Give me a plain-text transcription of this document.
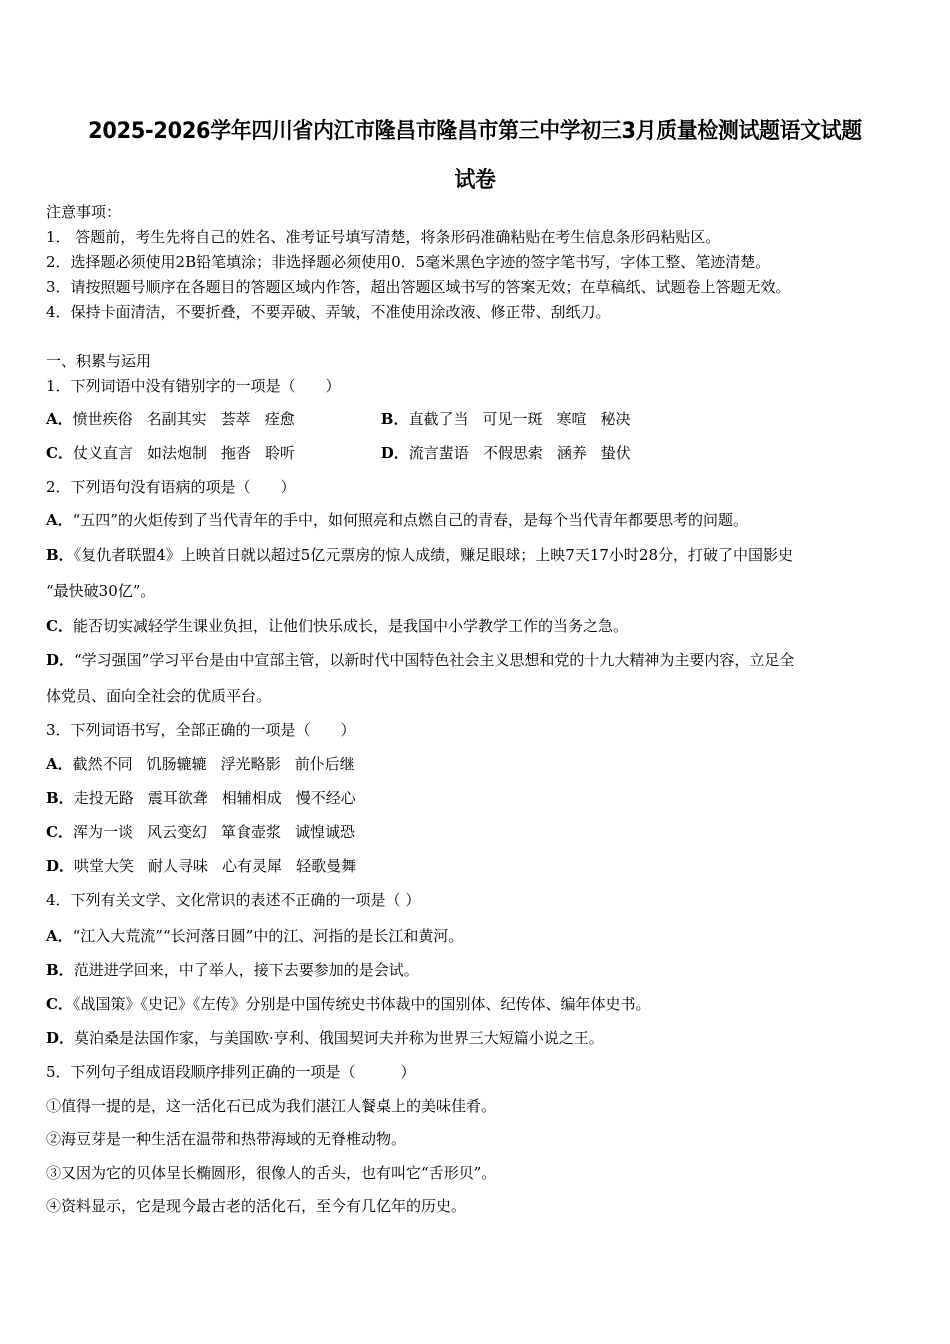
2025-2026学年四川省内江市隆昌市隆昌市第三中学初三3月质量检测试题语文试题
试卷
注意事项：
1． 答题前，考生先将自己的姓名、准考证号填写清楚，将条形码准确粘贴在考生信息条形码粘贴区。
2．选择题必须使用2B铅笔填涂；非选择题必须使用0．5毫米黑色字迹的签字笔书写，字体工整、笔迹清楚。
3．请按照题号顺序在各题目的答题区域内作答，超出答题区域书写的答案无效；在草稿纸、试题卷上答题无效。
4．保持卡面清洁，不要折叠，不要弄破、弄皱，不准使用涂改液、修正带、刮纸刀。
一、积累与运用
1．下列词语中没有错别字的一项是（　　）
A．愤世疾俗 名副其实 荟萃 痊愈	B．直截了当 可见一斑 寒喧 秘决
C．仗义直言 如法炮制 拖沓 聆听	D．流言蜚语 不假思索 涵养 蛰伏
2．下列语句没有语病的项是（　　）
A．“五四”的火炬传到了当代青年的手中，如何照亮和点燃自己的青春，是每个当代青年都要思考的问题。
B．《复仇者联盟4》上映首日就以超过5亿元票房的惊人成绩，赚足眼球；上映7天17小时28分，打破了中国影史
“最快破30亿”。
C．能否切实减轻学生课业负担，让他们快乐成长，是我国中小学教学工作的当务之急。
D．“学习强国”学习平台是由中宣部主管，以新时代中国特色社会主义思想和党的十九大精神为主要内容，立足全
体党员、面向全社会的优质平台。
3．下列词语书写，全部正确的一项是（　　）
A．截然不同 饥肠辘辘 浮光略影 前仆后继
B．走投无路 震耳欲聋 相辅相成 慢不经心
C．浑为一谈 风云变幻 箪食壶浆 诚惶诚恐
D．哄堂大笑 耐人寻味 心有灵犀 轻歌曼舞
4．下列有关文学、文化常识的表述不正确的一项是（ ）
A．“江入大荒流”“长河落日圆”中的江、河指的是长江和黄河。
B．范进进学回来，中了举人，接下去要参加的是会试。
C．《战国策》《史记》《左传》分别是中国传统史书体裁中的国别体、纪传体、编年体史书。
D．莫泊桑是法国作家，与美国欧·亨利、俄国契诃夫并称为世界三大短篇小说之王。
5．下列句子组成语段顺序排列正确的一项是（　　　）
①值得一提的是，这一活化石已成为我们湛江人餐桌上的美味佳肴。
②海豆芽是一种生活在温带和热带海域的无脊椎动物。
③又因为它的贝体呈长椭圆形，很像人的舌头，也有叫它“舌形贝”。
④资料显示，它是现今最古老的活化石，至今有几亿年的历史。
